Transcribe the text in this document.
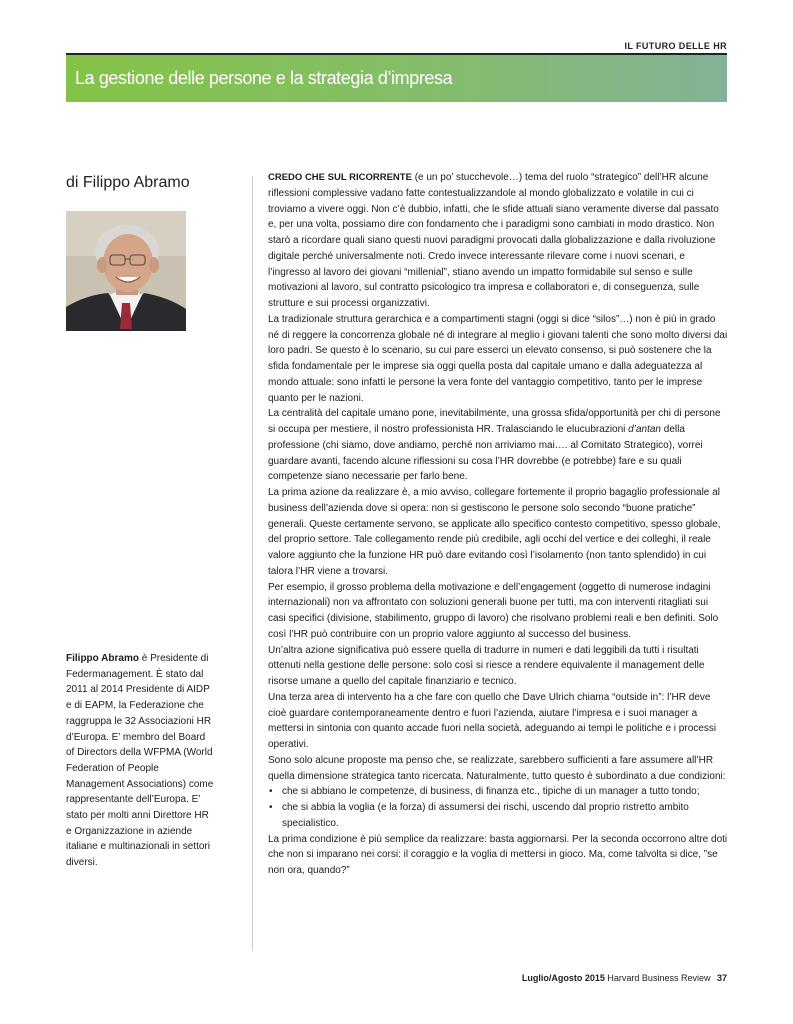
IL FUTURO DELLE HR
La gestione delle persone e la strategia d’impresa
di Filippo Abramo
Filippo Abramo è Presidente di Federmanagement. È stato dal 2011 al 2014 Presidente di AIDP e di EAPM, la Federazione che raggruppa le 32 Associazioni HR d’Europa. E’ membro del Board of Directors della WFPMA (World Federation of People Management Associations) come rappresentante dell’Europa. E’ stato per molti anni Direttore HR e Organizzazione in aziende italiane e multinazionali in settori diversi.

CREDO CHE SUL RICORRENTE (e un po’ stucchevole…) tema del ruolo “strategico” dell’HR alcune riflessioni complessive vadano fatte contestualizzandole al mondo globalizzato e volatile in cui ci troviamo a vivere oggi. Non c’è dubbio, infatti, che le sfide attuali siano veramente diverse dal passato e, per una volta, possiamo dire con fondamento che i paradigmi sono cambiati in modo drastico. Non starò a ricordare quali siano questi nuovi paradigmi provocati dalla globalizzazione e dalla rivoluzione digitale perché universalmente noti. Credo invece interessante rilevare come i nuovi scenari, e l’ingresso al lavoro dei giovani “millenial”, stiano avendo un impatto formidabile sul senso e sulle motivazioni al lavoro, sul contratto psicologico tra impresa e collaboratori e, di conseguenza, sulle strutture e sui processi organizzativi.

La tradizionale struttura gerarchica e a compartimenti stagni (oggi si dice “silos”…) non è più in grado né di reggere la concorrenza globale né di integrare al meglio i giovani talenti che sono molto diversi dai loro padri. Se questo è lo scenario, su cui pare esserci un elevato consenso, si può sostenere che la sfida fondamentale per le imprese sia oggi quella posta dal capitale umano e dalla adeguatezza al mondo attuale: sono infatti le persone la vera fonte del vantaggio competitivo, tanto per le imprese quanto per le nazioni.

La centralità del capitale umano pone, inevitabilmente, una grossa sfida/opportunità per chi di persone si occupa per mestiere, il nostro professionista HR. Tralasciando le elucubrazioni d’antan della professione (chi siamo, dove andiamo, perché non arriviamo mai…. al Comitato Strategico), vorrei guardare avanti, facendo alcune riflessioni su cosa l’HR dovrebbe (e potrebbe) fare e su quali competenze siano necessarie per farlo bene.

La prima azione da realizzare è, a mio avviso, collegare fortemente il proprio bagaglio professionale al business dell’azienda dove si opera: non si gestiscono le persone solo secondo “buone pratiche” generali. Queste certamente servono, se applicate allo specifico contesto competitivo, spesso globale, del proprio settore. Tale collegamento rende più credibile, agli occhi del vertice e dei colleghi, il reale valore aggiunto che la funzione HR può dare evitando così l’isolamento (non tanto splendido) in cui talora l’HR viene a trovarsi.

Per esempio, il grosso problema della motivazione e dell’engagement (oggetto di numerose indagini internazionali) non va affrontato con soluzioni generali buone per tutti, ma con interventi ritagliati sui casi specifici (divisione, stabilimento, gruppo di lavoro) che risolvano problemi reali e ben definiti. Solo così l’HR può contribuire con un proprio valore aggiunto al successo del business.

Un’altra azione significativa può essere quella di tradurre in numeri e dati leggibili da tutti i risultati ottenuti nella gestione delle persone: solo così si riesce a rendere equivalente il management delle risorse umane a quello del capitale finanziario e tecnico.

Una terza area di intervento ha a che fare con quello che Dave Ulrich chiama “outside in”: l’HR deve cioè guardare contemporaneamente dentro e fuori l’azienda, aiutare l’impresa e i suoi manager a mettersi in sintonia con quanto accade fuori nella società, adeguando ai tempi le politiche e i processi operativi.

Sono solo alcune proposte ma penso che, se realizzate, sarebbero sufficienti a fare assumere all’HR quella dimensione strategica tanto ricercata. Naturalmente, tutto questo è subordinato a due condizioni:

• che si abbiano le competenze, di business, di finanza etc., tipiche di un manager a tutto tondo;
• che si abbia la voglia (e la forza) di assumersi dei rischi, uscendo dal proprio ristretto ambito specialistico.

La prima condizione è più semplice da realizzare: basta aggiornarsi. Per la seconda occorrono altre doti che non si imparano nei corsi: il coraggio e la voglia di mettersi in gioco. Ma, come talvolta si dice, ”se non ora, quando?”

Luglio/Agosto 2015 Harvard Business Review 37
